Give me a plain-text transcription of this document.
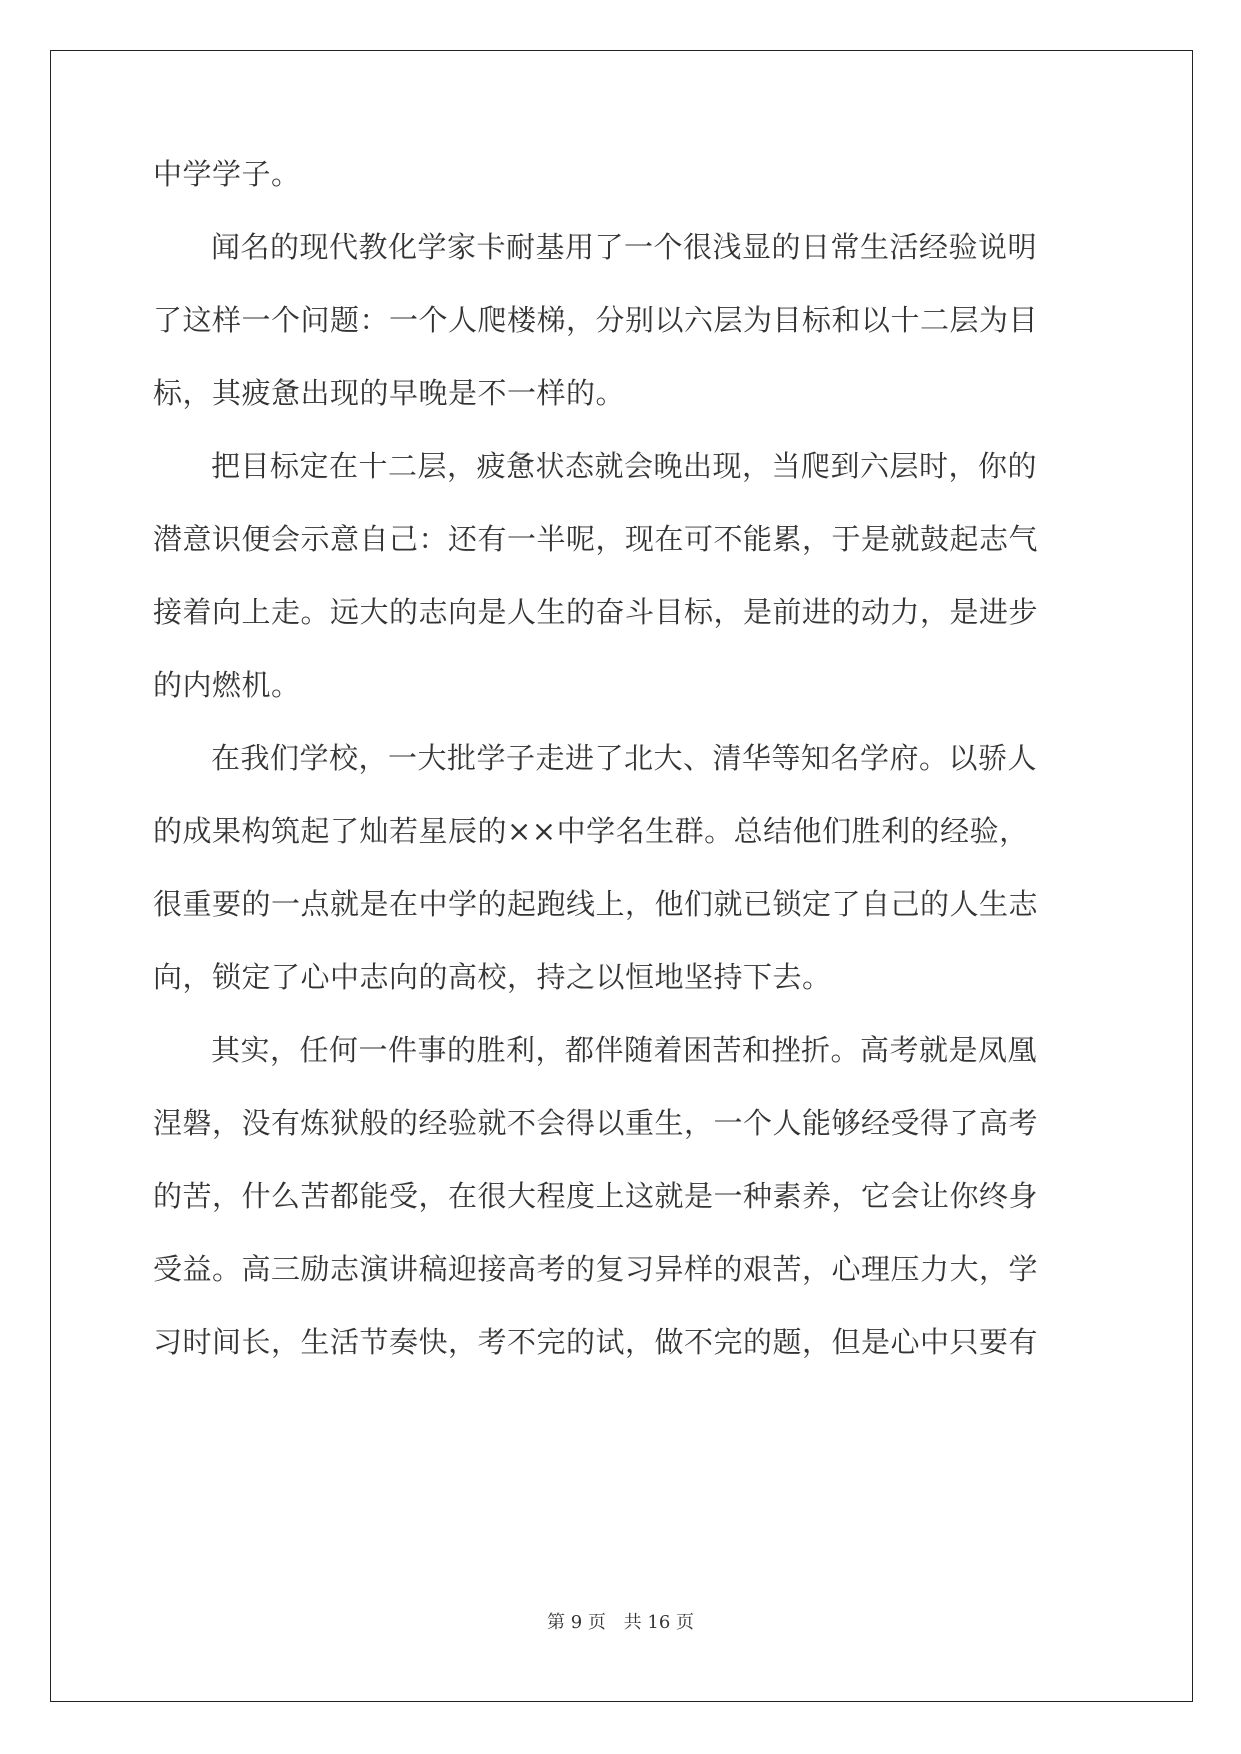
中学学子。

闻名的现代教化学家卡耐基用了一个很浅显的日常生活经验说明

了这样一个问题：一个人爬楼梯，分别以六层为目标和以十二层为目

标，其疲惫出现的早晚是不一样的。

把目标定在十二层，疲惫状态就会晚出现，当爬到六层时，你的

潜意识便会示意自己：还有一半呢，现在可不能累，于是就鼓起志气

接着向上走。远大的志向是人生的奋斗目标，是前进的动力，是进步

的内燃机。

在我们学校，一大批学子走进了北大、清华等知名学府。以骄人

的成果构筑起了灿若星辰的××中学名生群。总结他们胜利的经验，

很重要的一点就是在中学的起跑线上，他们就已锁定了自己的人生志

向，锁定了心中志向的高校，持之以恒地坚持下去。

其实，任何一件事的胜利，都伴随着困苦和挫折。高考就是凤凰

涅磐，没有炼狱般的经验就不会得以重生，一个人能够经受得了高考

的苦，什么苦都能受，在很大程度上这就是一种素养，它会让你终身

受益。高三励志演讲稿迎接高考的复习异样的艰苦，心理压力大，学

习时间长，生活节奏快，考不完的试，做不完的题，但是心中只要有

第 9 页 共 16 页
